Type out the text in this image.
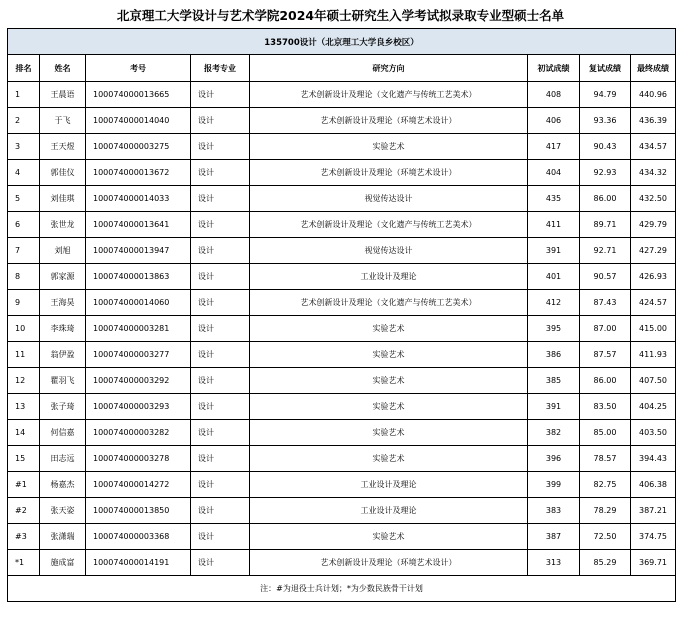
北京理工大学设计与艺术学院2024年硕士研究生入学考试拟录取专业型硕士名单
135700设计（北京理工大学良乡校区）							
排名	姓名	考号	报考专业	研究方向	初试成绩	复试成绩	最终成绩
1	王晨语	100074000013665	设计	艺术创新设计及理论（文化遗产与传统工艺美术）	408	94.79	440.96
2	于飞	100074000014040	设计	艺术创新设计及理论（环境艺术设计）	406	93.36	436.39
3	王天煜	100074000003275	设计	实验艺术	417	90.43	434.57
4	郭佳仪	100074000013672	设计	艺术创新设计及理论（环境艺术设计）	404	92.93	434.32
5	刘佳琪	100074000014033	设计	视觉传达设计	435	86.00	432.50
6	张世龙	100074000013641	设计	艺术创新设计及理论（文化遗产与传统工艺美术）	411	89.71	429.79
7	刘旭	100074000013947	设计	视觉传达设计	391	92.71	427.29
8	郭家源	100074000013863	设计	工业设计及理论	401	90.57	426.93
9	王海昊	100074000014060	设计	艺术创新设计及理论（文化遗产与传统工艺美术）	412	87.43	424.57
10	李珠琦	100074000003281	设计	实验艺术	395	87.00	415.00
11	翁伊盈	100074000003277	设计	实验艺术	386	87.57	411.93
12	瞿羽飞	100074000003292	设计	实验艺术	385	86.00	407.50
13	张子琦	100074000003293	设计	实验艺术	391	83.50	404.25
14	何信嘉	100074000003282	设计	实验艺术	382	85.00	403.50
15	田志远	100074000003278	设计	实验艺术	396	78.57	394.43
#1	杨嘉杰	100074000014272	设计	工业设计及理论	399	82.75	406.38
#2	张天姿	100074000013850	设计	工业设计及理论	383	78.29	387.21
#3	张潇瑞	100074000003368	设计	实验艺术	387	72.50	374.75
*1	施成富	100074000014191	设计	艺术创新设计及理论（环境艺术设计）	313	85.29	369.71
注：#为退役士兵计划；*为少数民族骨干计划							
